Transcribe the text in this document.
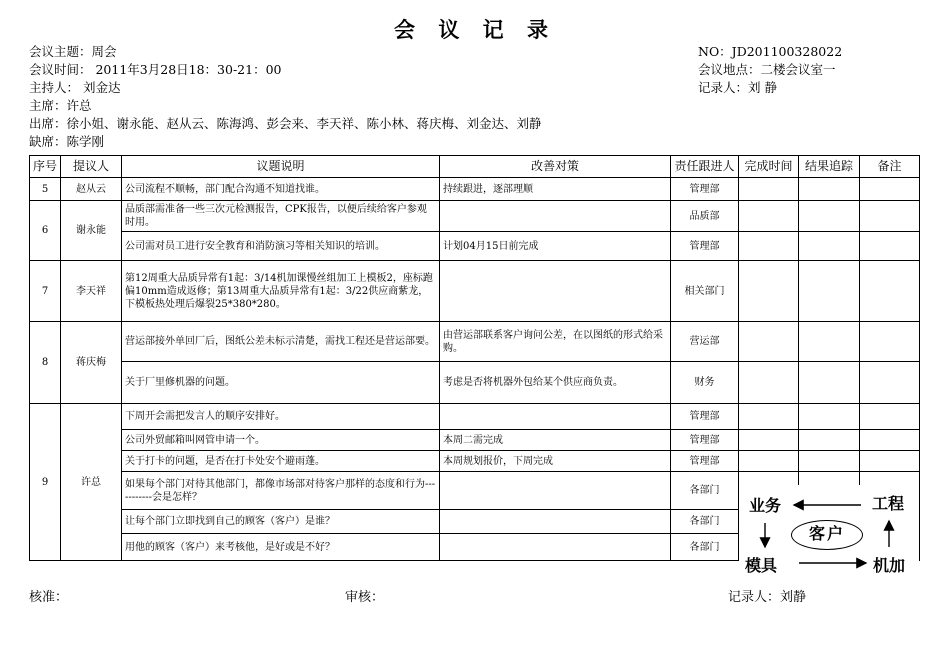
会 议 记 录
会议主题：周会
会议时间： 2011年3月28日18：30-21：00
主持人： 刘金达
主席：许总
出席：徐小姐、谢永能、赵从云、陈海鸿、彭会来、李天祥、陈小林、蒋庆梅、刘金达、刘静
缺席：陈学刚
NO：JD201100328022
会议地点：二楼会议室一
记录人：刘 静
序号	提议人	议题说明	改善对策	责任跟进人	完成时间	结果追踪	备注
5	赵从云	公司流程不顺畅，部门配合沟通不知道找谁。	持续跟进，逐部理顺	管理部			
6	谢永能	品质部需准备一些三次元检测报告，CPK报告，以便后续给客户参观时用。		品质部			
		公司需对员工进行安全教育和消防演习等相关知识的培训。	计划04月15日前完成	管理部			
7	李天祥	第12周重大品质异常有1起：3/14机加课慢丝组加工上模板2，座标跑偏10mm造成返修；第13周重大品质异常有1起：3/22供应商紫龙，下模板热处理后爆裂25*380*280。		相关部门			
8	蒋庆梅	营运部接外单回厂后，图纸公差未标示清楚，需找工程还是营运部要。	由营运部联系客户询问公差，在以图纸的形式给采购。	营运部			
		关于厂里修机器的问题。	考虑是否将机器外包给某个供应商负责。	财务			
9	许总	下周开会需把发言人的顺序安排好。		管理部			
		公司外贸邮箱叫网管申请一个。	本周二需完成	管理部			
		关于打卡的问题，是否在打卡处安个避雨蓬。	本周规划报价，下周完成	管理部			
		如果每个部门对待其他部门，都像市场部对待客户那样的态度和行为-----------会是怎样？		各部门			
		让每个部门立即找到自己的顾客（客户）是谁？		各部门			
		用他的顾客（客户）来考核他，是好或是不好？		各部门			
业务	工程
客户
模具	机加
核准：	审核：	记录人：刘静
